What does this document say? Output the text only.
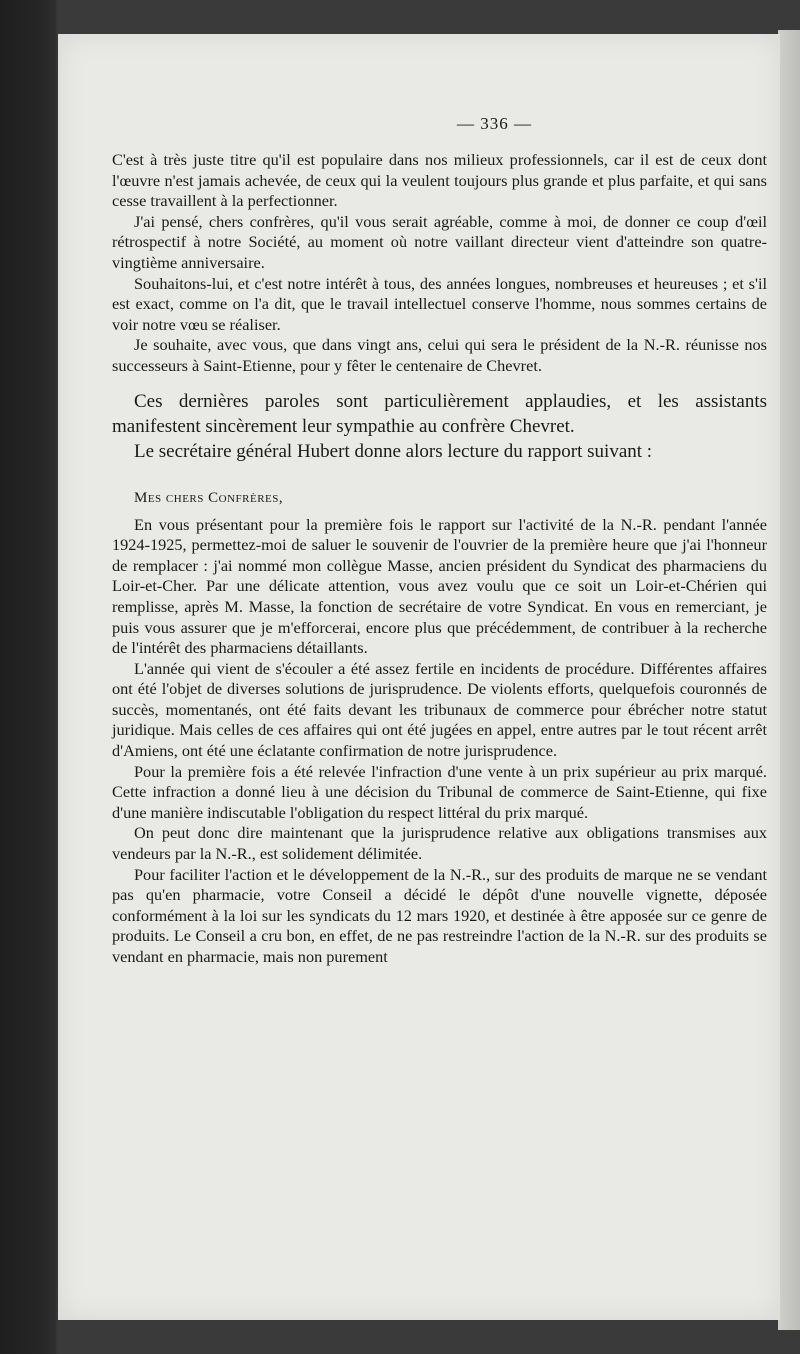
— 336 —

C'est à très juste titre qu'il est populaire dans nos milieux professionnels, car il est de ceux dont l'œuvre n'est jamais achevée, de ceux qui la veulent toujours plus grande et plus parfaite, et qui sans cesse travaillent à la perfectionner.

J'ai pensé, chers confrères, qu'il vous serait agréable, comme à moi, de donner ce coup d'œil rétrospectif à notre Société, au moment où notre vaillant directeur vient d'atteindre son quatre-vingtième anniversaire.

Souhaitons-lui, et c'est notre intérêt à tous, des années longues, nombreuses et heureuses ; et s'il est exact, comme on l'a dit, que le travail intellectuel conserve l'homme, nous sommes certains de voir notre vœu se réaliser.

Je souhaite, avec vous, que dans vingt ans, celui qui sera le président de la N.-R. réunisse nos successeurs à Saint-Etienne, pour y fêter le centenaire de Chevret.

Ces dernières paroles sont particulièrement applaudies, et les assistants manifestent sincèrement leur sympathie au confrère Chevret.

Le secrétaire général Hubert donne alors lecture du rapport suivant :

Mes chers Confrères,

En vous présentant pour la première fois le rapport sur l'activité de la N.-R. pendant l'année 1924-1925, permettez-moi de saluer le souvenir de l'ouvrier de la première heure que j'ai l'honneur de remplacer : j'ai nommé mon collègue Masse, ancien président du Syndicat des pharmaciens du Loir-et-Cher. Par une délicate attention, vous avez voulu que ce soit un Loir-et-Chérien qui remplisse, après M. Masse, la fonction de secrétaire de votre Syndicat. En vous en remerciant, je puis vous assurer que je m'efforcerai, encore plus que précédemment, de contribuer à la recherche de l'intérêt des pharmaciens détaillants.

L'année qui vient de s'écouler a été assez fertile en incidents de procédure. Différentes affaires ont été l'objet de diverses solutions de jurisprudence. De violents efforts, quelquefois couronnés de succès, momentanés, ont été faits devant les tribunaux de commerce pour ébrécher notre statut juridique. Mais celles de ces affaires qui ont été jugées en appel, entre autres par le tout récent arrêt d'Amiens, ont été une éclatante confirmation de notre jurisprudence.

Pour la première fois a été relevée l'infraction d'une vente à un prix supérieur au prix marqué. Cette infraction a donné lieu à une décision du Tribunal de commerce de Saint-Etienne, qui fixe d'une manière indiscutable l'obligation du respect littéral du prix marqué.

On peut donc dire maintenant que la jurisprudence relative aux obligations transmises aux vendeurs par la N.-R., est solidement délimitée.

Pour faciliter l'action et le développement de la N.-R., sur des produits de marque ne se vendant pas qu'en pharmacie, votre Conseil a décidé le dépôt d'une nouvelle vignette, déposée conformément à la loi sur les syndicats du 12 mars 1920, et destinée à être apposée sur ce genre de produits. Le Conseil a cru bon, en effet, de ne pas restreindre l'action de la N.-R. sur des produits se vendant en pharmacie, mais non purement
